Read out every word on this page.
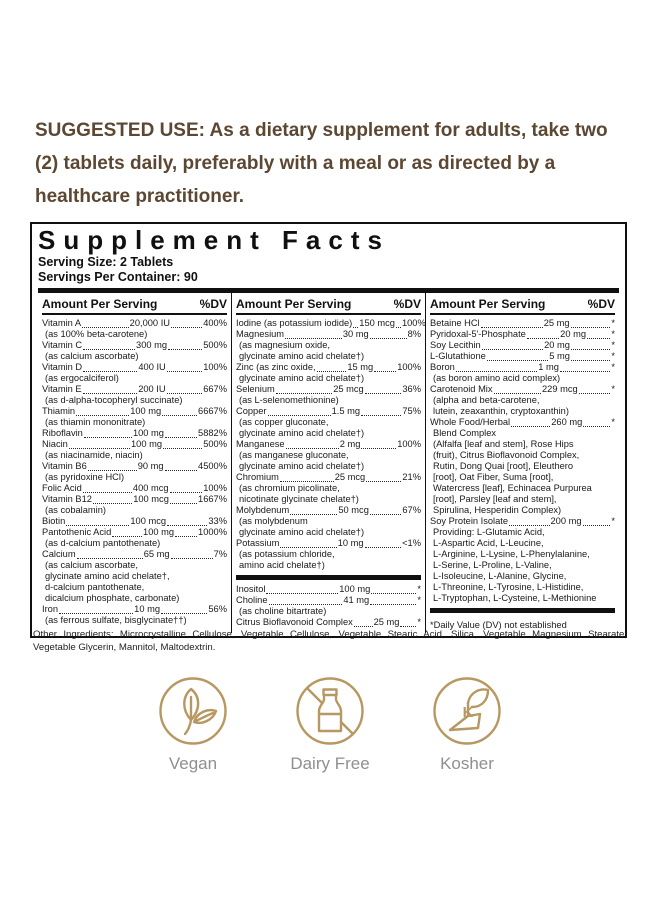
SUGGESTED USE: As a dietary supplement for adults, take two (2) tablets daily, preferably with a meal or as directed by a healthcare practitioner.
Supplement Facts
Serving Size: 2 Tablets
Servings Per Container: 90
Amount Per Serving	%DV
Vitamin A	20,000 IU	400%
(as 100% beta-carotene)
Vitamin C	300 mg	500%
(as calcium ascorbate)
Vitamin D	400 IU	100%
(as ergocalciferol)
Vitamin E	200 IU	667%
(as d-alpha-tocopheryl succinate)
Thiamin	100 mg	6667%
(as thiamin mononitrate)
Riboflavin	100 mg	5882%
Niacin	100 mg	500%
(as niacinamide, niacin)
Vitamin B6	90 mg	4500%
(as pyridoxine HCl)
Folic Acid	400 mcg	100%
Vitamin B12	100 mcg	1667%
(as cobalamin)
Biotin	100 mcg	33%
Pantothenic Acid	100 mg	1000%
(as d-calcium pantothenate)
Calcium	65 mg	7%
(as calcium ascorbate,
glycinate amino acid chelate†,
d-calcium pantothenate,
dicalcium phosphate, carbonate)
Iron	10 mg	56%
(as ferrous sulfate, bisglycinate††)
Amount Per Serving	%DV
Iodine (as potassium iodide) 150 mcg 100%
Magnesium	30 mg	8%
(as magnesium oxide,
glycinate amino acid chelate†)
Zinc (as zinc oxide,	15 mg	100%
glycinate amino acid chelate†)
Selenium	25 mcg	36%
(as L-selenomethionine)
Copper	1.5 mg	75%
(as copper gluconate,
glycinate amino acid chelate†)
Manganese	2 mg	100%
(as manganese gluconate,
glycinate amino acid chelate†)
Chromium	25 mcg	21%
(as chromium picolinate,
nicotinate glycinate chelate†)
Molybdenum	50 mcg	67%
(as molybdenum
glycinate amino acid chelate†)
Potassium	10 mg	<1%
(as potassium chloride,
amino acid chelate†)
Inositol	100 mg	*
Choline	41 mg	*
(as choline bitartrate)
Citrus Bioflavonoid Complex 25 mg *
Amount Per Serving	%DV
Betaine HCl	25 mg	*
Pyridoxal-5'-Phosphate	20 mg	*
Soy Lecithin	20 mg	*
L-Glutathione	5 mg	*
Boron	1 mg	*
(as boron amino acid complex)
Carotenoid Mix	229 mcg	*
(alpha and beta-carotene,
lutein, zeaxanthin, cryptoxanthin)
Whole Food/Herbal	260 mg	*
Blend Complex
(Alfalfa [leaf and stem], Rose Hips
(fruit), Citrus Bioflavonoid Complex,
Rutin, Dong Quai [root], Eleuthero
[root], Oat Fiber, Suma [root],
Watercress [leaf], Echinacea Purpurea
[root], Parsley [leaf and stem],
Spirulina, Hesperidin Complex)
Soy Protein Isolate	200 mg	*
Providing: L-Glutamic Acid,
L-Aspartic Acid, L-Leucine,
L-Arginine, L-Lysine, L-Phenylalanine,
L-Serine, L-Proline, L-Valine,
L-Isoleucine, L-Alanine, Glycine,
L-Threonine, L-Tyrosine, L-Histidine,
L-Tryptophan, L-Cysteine, L-Methionine
*Daily Value (DV) not established
Other Ingredients: Microcrystalline Cellulose, Vegetable Cellulose, Vegetable Stearic Acid, Silica, Vegetable Magnesium Stearate, Vegetable Glycerin, Mannitol, Maltodextrin.
Vegan	Dairy Free
K
Kosher
